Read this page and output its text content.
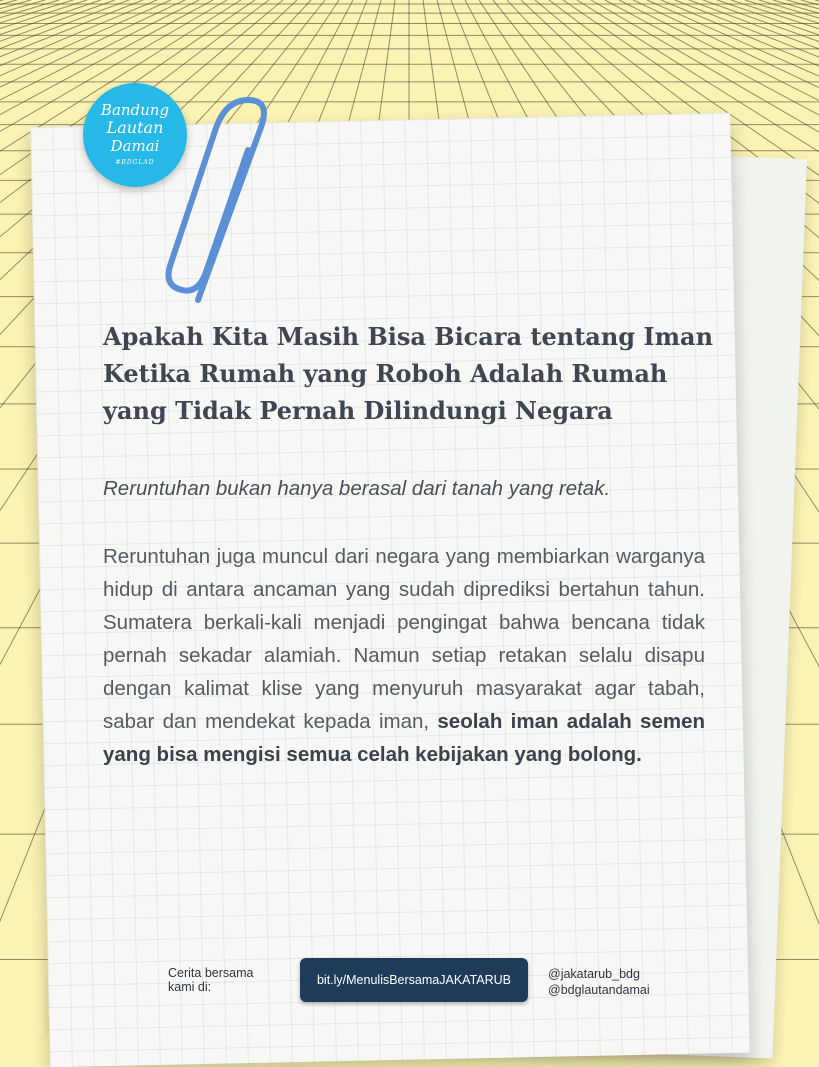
Bandung
Lautan
Damai
#BDGLAD
Apakah Kita Masih Bisa Bicara tentang Iman
Ketika Rumah yang Roboh Adalah Rumah
yang Tidak Pernah Dilindungi Negara

Reruntuhan bukan hanya berasal dari tanah yang retak.

Reruntuhan juga muncul dari negara yang membiarkan warganya hidup di antara ancaman yang sudah diprediksi bertahun tahun. Sumatera berkali-kali menjadi pengingat bahwa bencana tidak pernah sekadar alamiah. Namun setiap retakan selalu disapu dengan kalimat klise yang menyuruh masyarakat agar tabah, sabar dan mendekat kepada iman, seolah iman adalah semen yang bisa mengisi semua celah kebijakan yang bolong.

Cerita bersama
kami di:	bit.ly/MenulisBersamaJAKATARUB	@jakatarub_bdg
@bdglautandamai
